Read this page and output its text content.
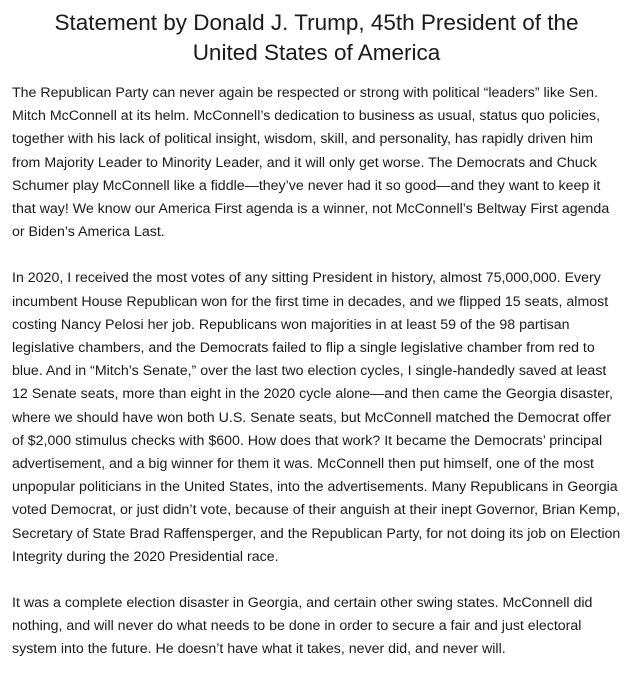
Statement by Donald J. Trump, 45th President of the
United States of America

The Republican Party can never again be respected or strong with political “leaders” like Sen. Mitch McConnell at its helm. McConnell’s dedication to business as usual, status quo policies, together with his lack of political insight, wisdom, skill, and personality, has rapidly driven him from Majority Leader to Minority Leader, and it will only get worse. The Democrats and Chuck Schumer play McConnell like a fiddle—they’ve never had it so good—and they want to keep it that way! We know our America First agenda is a winner, not McConnell’s Beltway First agenda or Biden’s America Last.

In 2020, I received the most votes of any sitting President in history, almost 75,000,000. Every incumbent House Republican won for the first time in decades, and we flipped 15 seats, almost costing Nancy Pelosi her job. Republicans won majorities in at least 59 of the 98 partisan legislative chambers, and the Democrats failed to flip a single legislative chamber from red to blue. And in “Mitch’s Senate,” over the last two election cycles, I single-handedly saved at least 12 Senate seats, more than eight in the 2020 cycle alone—and then came the Georgia disaster, where we should have won both U.S. Senate seats, but McConnell matched the Democrat offer of $2,000 stimulus checks with $600. How does that work? It became the Democrats’ principal advertisement, and a big winner for them it was. McConnell then put himself, one of the most unpopular politicians in the United States, into the advertisements. Many Republicans in Georgia voted Democrat, or just didn’t vote, because of their anguish at their inept Governor, Brian Kemp, Secretary of State Brad Raffensperger, and the Republican Party, for not doing its job on Election Integrity during the 2020 Presidential race.

It was a complete election disaster in Georgia, and certain other swing states. McConnell did nothing, and will never do what needs to be done in order to secure a fair and just electoral system into the future. He doesn’t have what it takes, never did, and never will.
